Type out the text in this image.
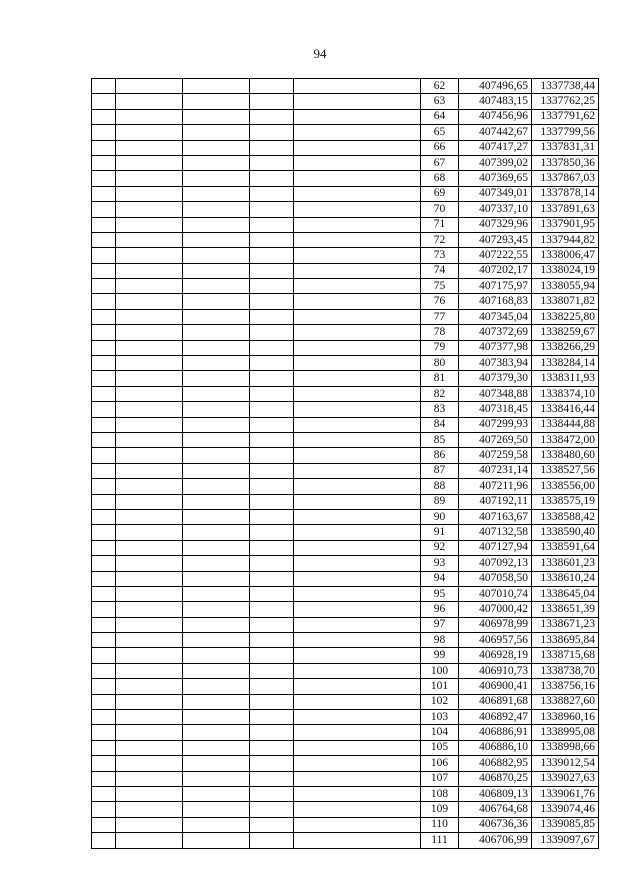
94
					62	407496,65	1337738,44
					63	407483,15	1337762,25
					64	407456,96	1337791,62
					65	407442,67	1337799,56
					66	407417,27	1337831,31
					67	407399,02	1337850,36
					68	407369,65	1337867,03
					69	407349,01	1337878,14
					70	407337,10	1337891,63
					71	407329,96	1337901,95
					72	407293,45	1337944,82
					73	407222,55	1338006,47
					74	407202,17	1338024,19
					75	407175,97	1338055,94
					76	407168,83	1338071,82
					77	407345,04	1338225,80
					78	407372,69	1338259,67
					79	407377,98	1338266,29
					80	407383,94	1338284,14
					81	407379,30	1338311,93
					82	407348,88	1338374,10
					83	407318,45	1338416,44
					84	407299,93	1338444,88
					85	407269,50	1338472,00
					86	407259,58	1338480,60
					87	407231,14	1338527,56
					88	407211,96	1338556,00
					89	407192,11	1338575,19
					90	407163,67	1338588,42
					91	407132,58	1338590,40
					92	407127,94	1338591,64
					93	407092,13	1338601,23
					94	407058,50	1338610,24
					95	407010,74	1338645,04
					96	407000,42	1338651,39
					97	406978,99	1338671,23
					98	406957,56	1338695,84
					99	406928,19	1338715,68
					100	406910,73	1338738,70
					101	406900,41	1338756,16
					102	406891,68	1338827,60
					103	406892,47	1338960,16
					104	406886,91	1338995,08
					105	406886,10	1338998,66
					106	406882,95	1339012,54
					107	406870,25	1339027,63
					108	406809,13	1339061,76
					109	406764,68	1339074,46
					110	406736,36	1339085,85
					111	406706,99	1339097,67
